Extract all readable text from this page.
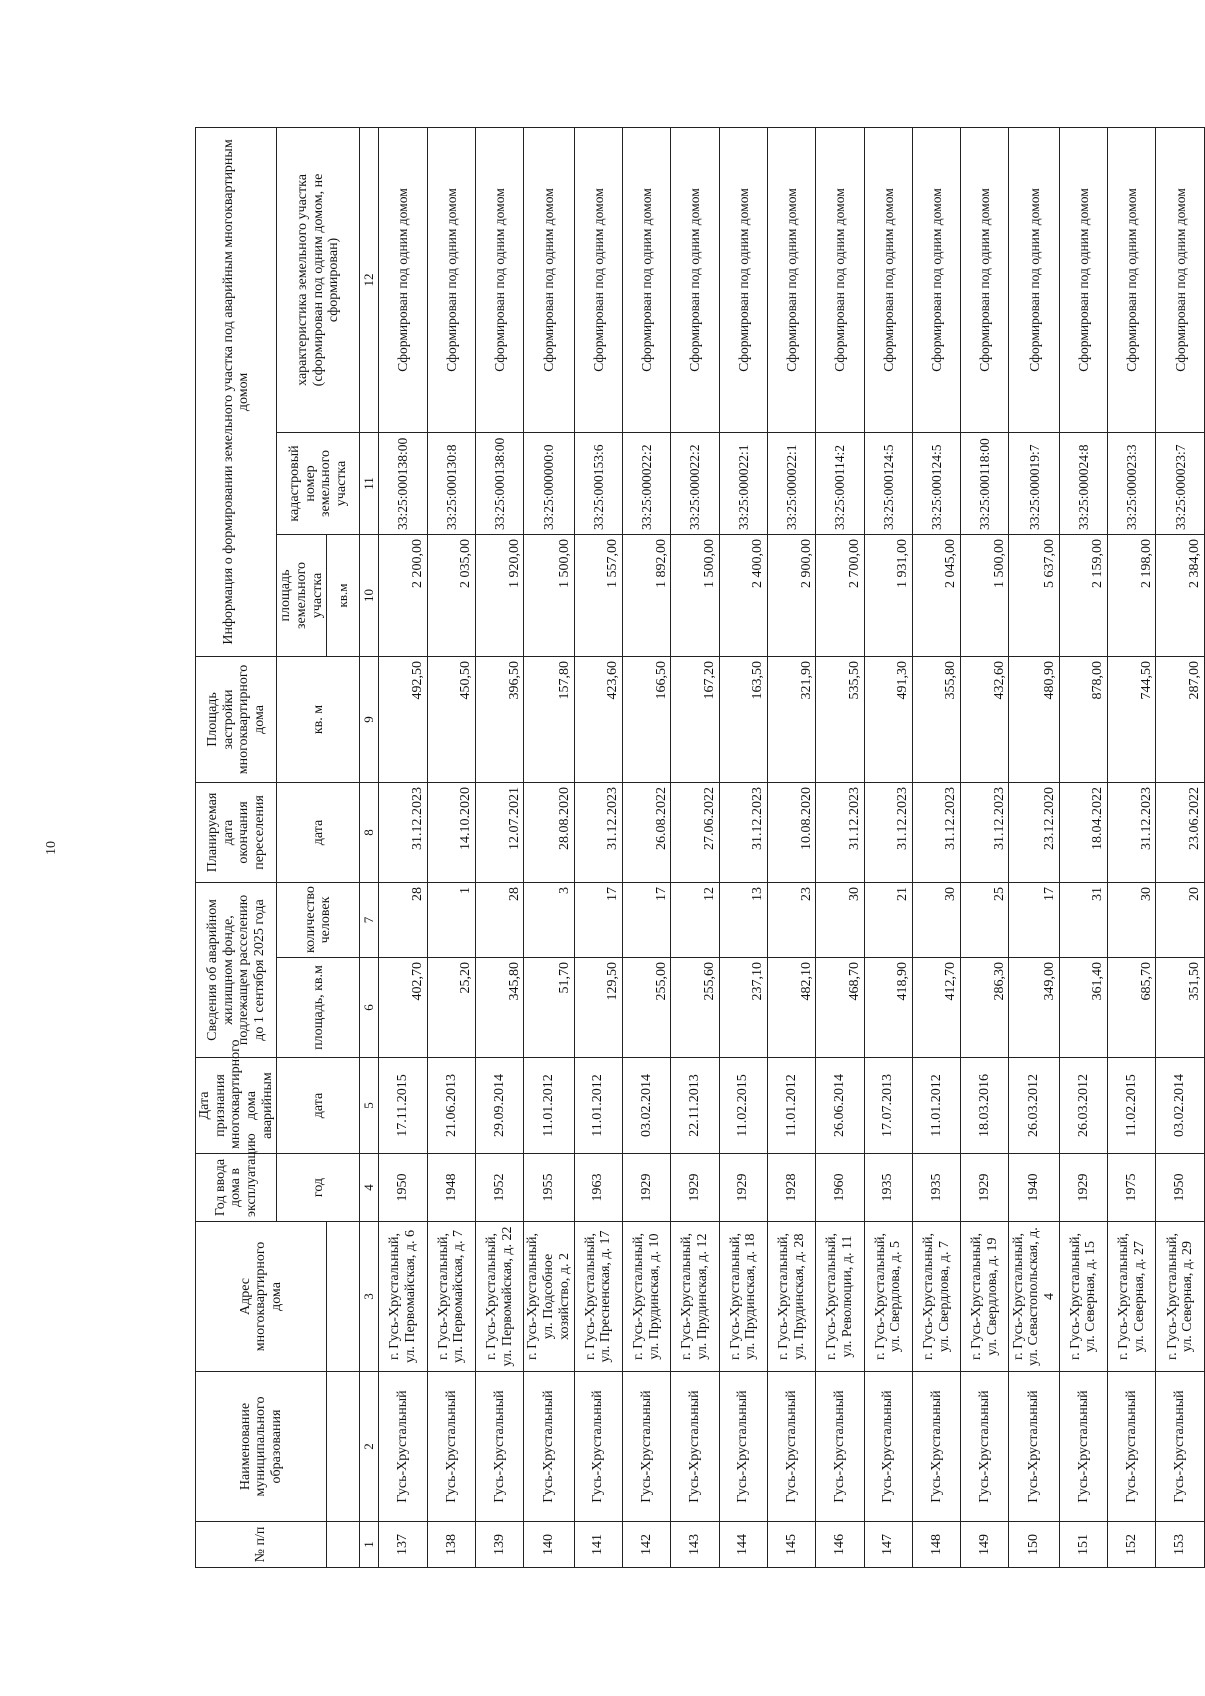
10
№ п/п	Наименование муниципального образования	Адрес многоквартирного дома	Год ввода дома в эксплуатацию	Дата признания многоквартирного дома аварийным	Сведения об аварийном жилищном фонде, подлежащем расселению до 1 сентября 2025 года		Планируемая дата окончания переселения	Площадь застройки многоквартирного дома	Информация о формировании земельного участка под аварийным многоквартирным домом		
			год	дата	площадь, кв.м	количество человек	дата	кв. м	площадь земельного участка	кадастровый номер земельного участка	характеристика земельного участка (сформирован под одним домом, не сформирован)
									кв.м		
1	2	3	4	5	6	7	8	9	10	11	12
137	Гусь-Хрустальный	г. Гусь-Хрустальный, ул. Первомайская, д. 6	1950	17.11.2015	402,70	28	31.12.2023	492,50	2 200,00	33:25:000138:00	Сформирован под одним домом
138	Гусь-Хрустальный	г. Гусь-Хрустальный, ул. Первомайская, д. 7	1948	21.06.2013	25,20	1	14.10.2020	450,50	2 035,00	33:25:000130:8	Сформирован под одним домом
139	Гусь-Хрустальный	г. Гусь-Хрустальный, ул. Первомайская, д. 22	1952	29.09.2014	345,80	28	12.07.2021	396,50	1 920,00	33:25:000138:00	Сформирован под одним домом
140	Гусь-Хрустальный	г. Гусь-Хрустальный, ул. Подсобное хозяйство, д. 2	1955	11.01.2012	51,70	3	28.08.2020	157,80	1 500,00	33:25:000000:0	Сформирован под одним домом
141	Гусь-Хрустальный	г. Гусь-Хрустальный, ул. Пресненская, д. 17	1963	11.01.2012	129,50	17	31.12.2023	423,60	1 557,00	33:25:000153:6	Сформирован под одним домом
142	Гусь-Хрустальный	г. Гусь-Хрустальный, ул. Прудинская, д. 10	1929	03.02.2014	255,00	17	26.08.2022	166,50	1 892,00	33:25:000022:2	Сформирован под одним домом
143	Гусь-Хрустальный	г. Гусь-Хрустальный, ул. Прудинская, д. 12	1929	22.11.2013	255,60	12	27.06.2022	167,20	1 500,00	33:25:000022:2	Сформирован под одним домом
144	Гусь-Хрустальный	г. Гусь-Хрустальный, ул. Прудинская, д. 18	1929	11.02.2015	237,10	13	31.12.2023	163,50	2 400,00	33:25:000022:1	Сформирован под одним домом
145	Гусь-Хрустальный	г. Гусь-Хрустальный, ул. Прудинская, д. 28	1928	11.01.2012	482,10	23	10.08.2020	321,90	2 900,00	33:25:000022:1	Сформирован под одним домом
146	Гусь-Хрустальный	г. Гусь-Хрустальный, ул. Революции, д. 11	1960	26.06.2014	468,70	30	31.12.2023	535,50	2 700,00	33:25:000114:2	Сформирован под одним домом
147	Гусь-Хрустальный	г. Гусь-Хрустальный, ул. Свердлова, д. 5	1935	17.07.2013	418,90	21	31.12.2023	491,30	1 931,00	33:25:000124:5	Сформирован под одним домом
148	Гусь-Хрустальный	г. Гусь-Хрустальный, ул. Свердлова, д. 7	1935	11.01.2012	412,70	30	31.12.2023	355,80	2 045,00	33:25:000124:5	Сформирован под одним домом
149	Гусь-Хрустальный	г. Гусь-Хрустальный, ул. Свердлова, д. 19	1929	18.03.2016	286,30	25	31.12.2023	432,60	1 500,00	33:25:000118:00	Сформирован под одним домом
150	Гусь-Хрустальный	г. Гусь-Хрустальный, ул. Севастопольская, д. 4	1940	26.03.2012	349,00	17	23.12.2020	480,90	5 637,00	33:25:000019:7	Сформирован под одним домом
151	Гусь-Хрустальный	г. Гусь-Хрустальный, ул. Северная, д. 15	1929	26.03.2012	361,40	31	18.04.2022	878,00	2 159,00	33:25:000024:8	Сформирован под одним домом
152	Гусь-Хрустальный	г. Гусь-Хрустальный, ул. Северная, д. 27	1975	11.02.2015	685,70	30	31.12.2023	744,50	2 198,00	33:25:000023:3	Сформирован под одним домом
153	Гусь-Хрустальный	г. Гусь-Хрустальный, ул. Северная, д. 29	1950	03.02.2014	351,50	20	23.06.2022	287,00	2 384,00	33:25:000023:7	Сформирован под одним домом
